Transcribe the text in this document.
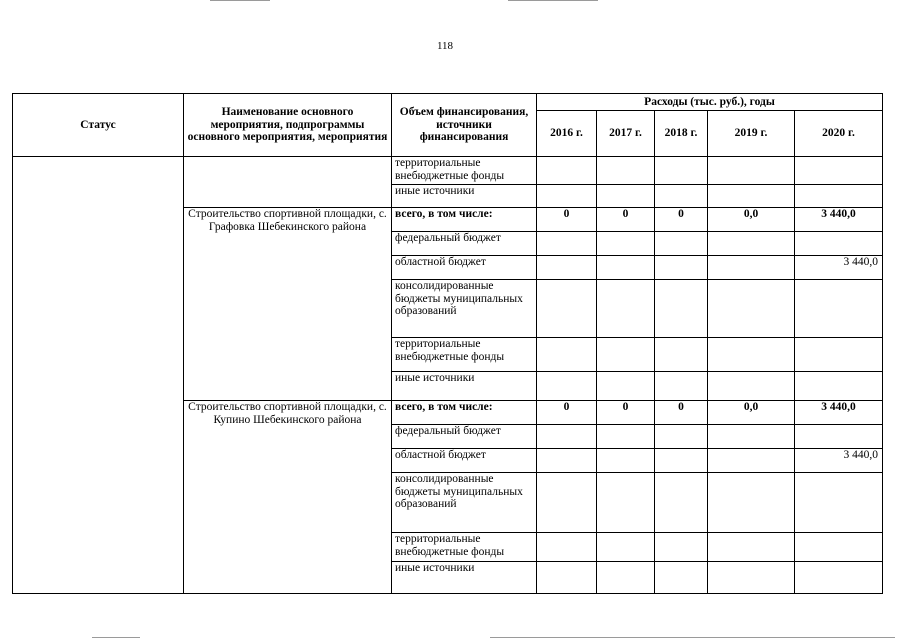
118
Статус	Наименование основного мероприятия, подпрограммы основного мероприятия, мероприятия	Объем финансирования, источники финансирования	Расходы (тыс. руб.), годы				
			2016 г.	2017 г.	2018 г.	2019 г.	2020 г.
		территориальные внебюджетные фонды					
		иные источники					
	Строительство спортивной площадки, с. Графовка Шебекинского района	всего, в том числе:	0	0	0	0,0	3 440,0
		федеральный бюджет					
		областной бюджет					3 440,0
		консолидированные бюджеты муниципальных образований					
		территориальные внебюджетные фонды					
		иные источники					
	Строительство спортивной площадки, с. Купино Шебекинского района	всего, в том числе:	0	0	0	0,0	3 440,0
		федеральный бюджет					
		областной бюджет					3 440,0
		консолидированные бюджеты муниципальных образований					
		территориальные внебюджетные фонды					
		иные источники					
